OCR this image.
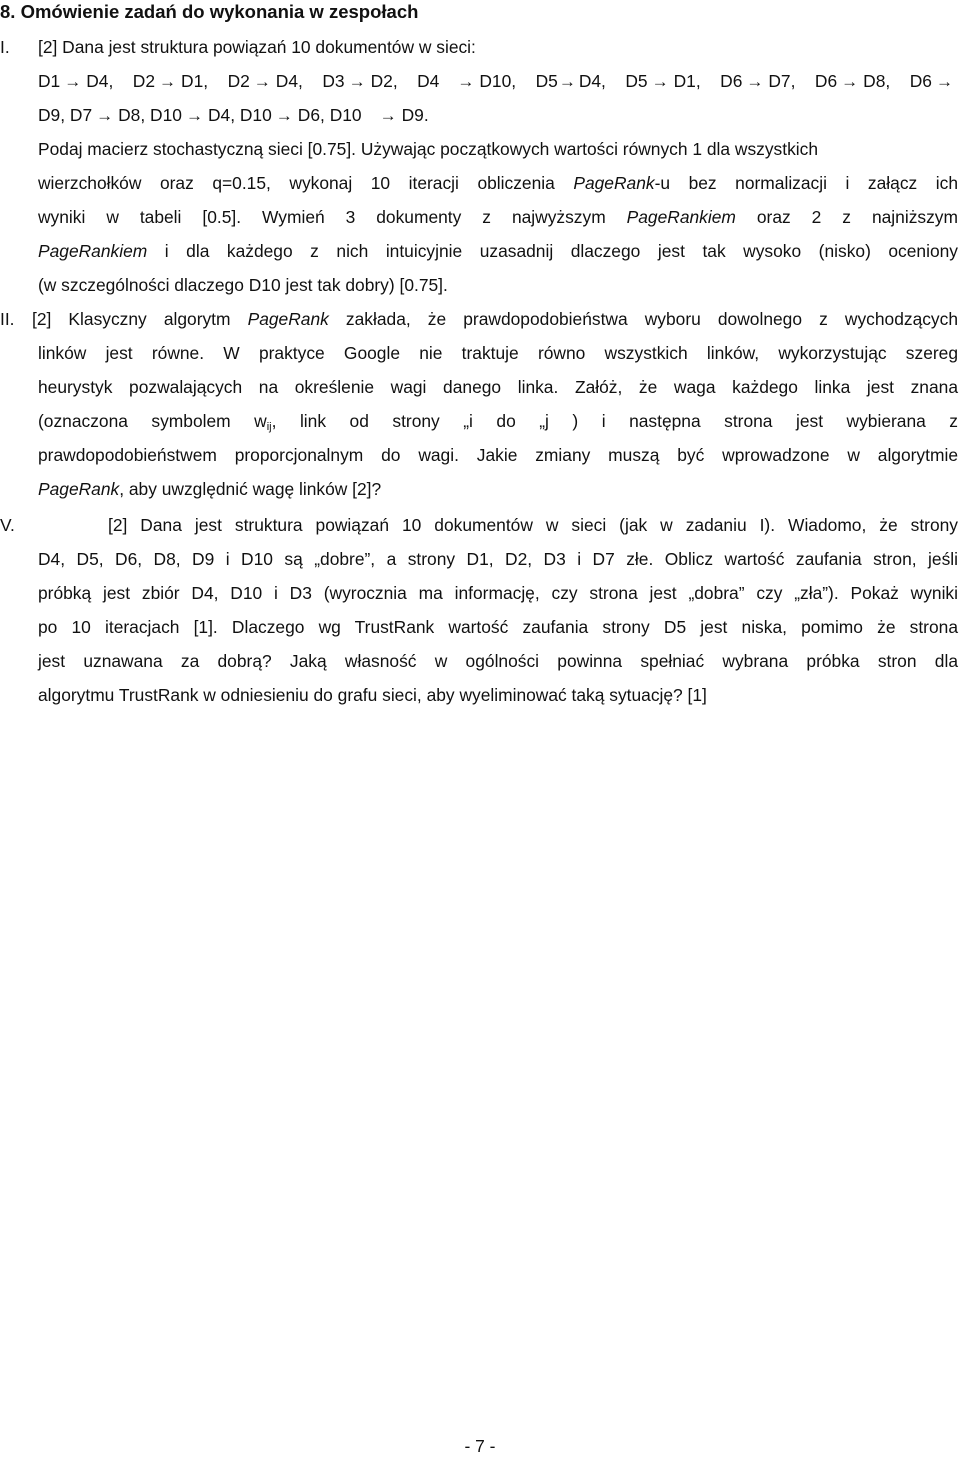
8. Omówienie zadań do wykonania w zespołach
I. [2] Dana jest struktura powiązań 10 dokumentów w sieci:
D1 → D4, D2 → D1, D2 → D4, D3 → D2, D4 → D10, D5→ D4, D5 → D1, D6 → D7, D6 → D8, D6 →
D9, D7 → D8, D10 → D4, D10 → D6, D10 → D9.
Podaj macierz stochastyczną sieci [0.75]. Używając początkowych wartości równych 1 dla wszystkich
wierzchołków oraz q=0.15, wykonaj 10 iteracji obliczenia PageRank-u bez normalizacji i załącz ich
wyniki w tabeli [0.5]. Wymień 3 dokumenty z najwyższym PageRankiem oraz 2 z najniższym
PageRankiem i dla każdego z nich intuicyjnie uzasadnij dlaczego jest tak wysoko (nisko) oceniony
(w szczególności dlaczego D10 jest tak dobry) [0.75].
II. [2] Klasyczny algorytm PageRank zakłada, że prawdopodobieństwa wyboru dowolnego z wychodzących
linków jest równe. W praktyce Google nie traktuje równo wszystkich linków, wykorzystując szereg
heurystyk pozwalających na określenie wagi danego linka. Załóż, że waga każdego linka jest znana
(oznaczona symbolem $w_{ij}$, link od strony „i do „j ) i następna strona jest wybierana z
prawdopodobieństwem proporcjonalnym do wagi. Jakie zmiany muszą być wprowadzone w algorytmie
PageRank, aby uwzględnić wagę linków [2]?
V.	[2] Dana jest struktura powiązań 10 dokumentów w sieci (jak w zadaniu I). Wiadomo, że strony
D4, D5, D6, D8, D9 i D10 są „dobre”, a strony D1, D2, D3 i D7 złe. Oblicz wartość zaufania stron, jeśli
próbką jest zbiór D4, D10 i D3 (wyrocznia ma informację, czy strona jest „dobra” czy „zła”). Pokaż wyniki
po 10 iteracjach [1]. Dlaczego wg TrustRank wartość zaufania strony D5 jest niska, pomimo że strona
jest uznawana za dobrą? Jaką własność w ogólności powinna spełniać wybrana próbka stron dla
algorytmu TrustRank w odniesieniu do grafu sieci, aby wyeliminować taką sytuację? [1]
- 7 -
